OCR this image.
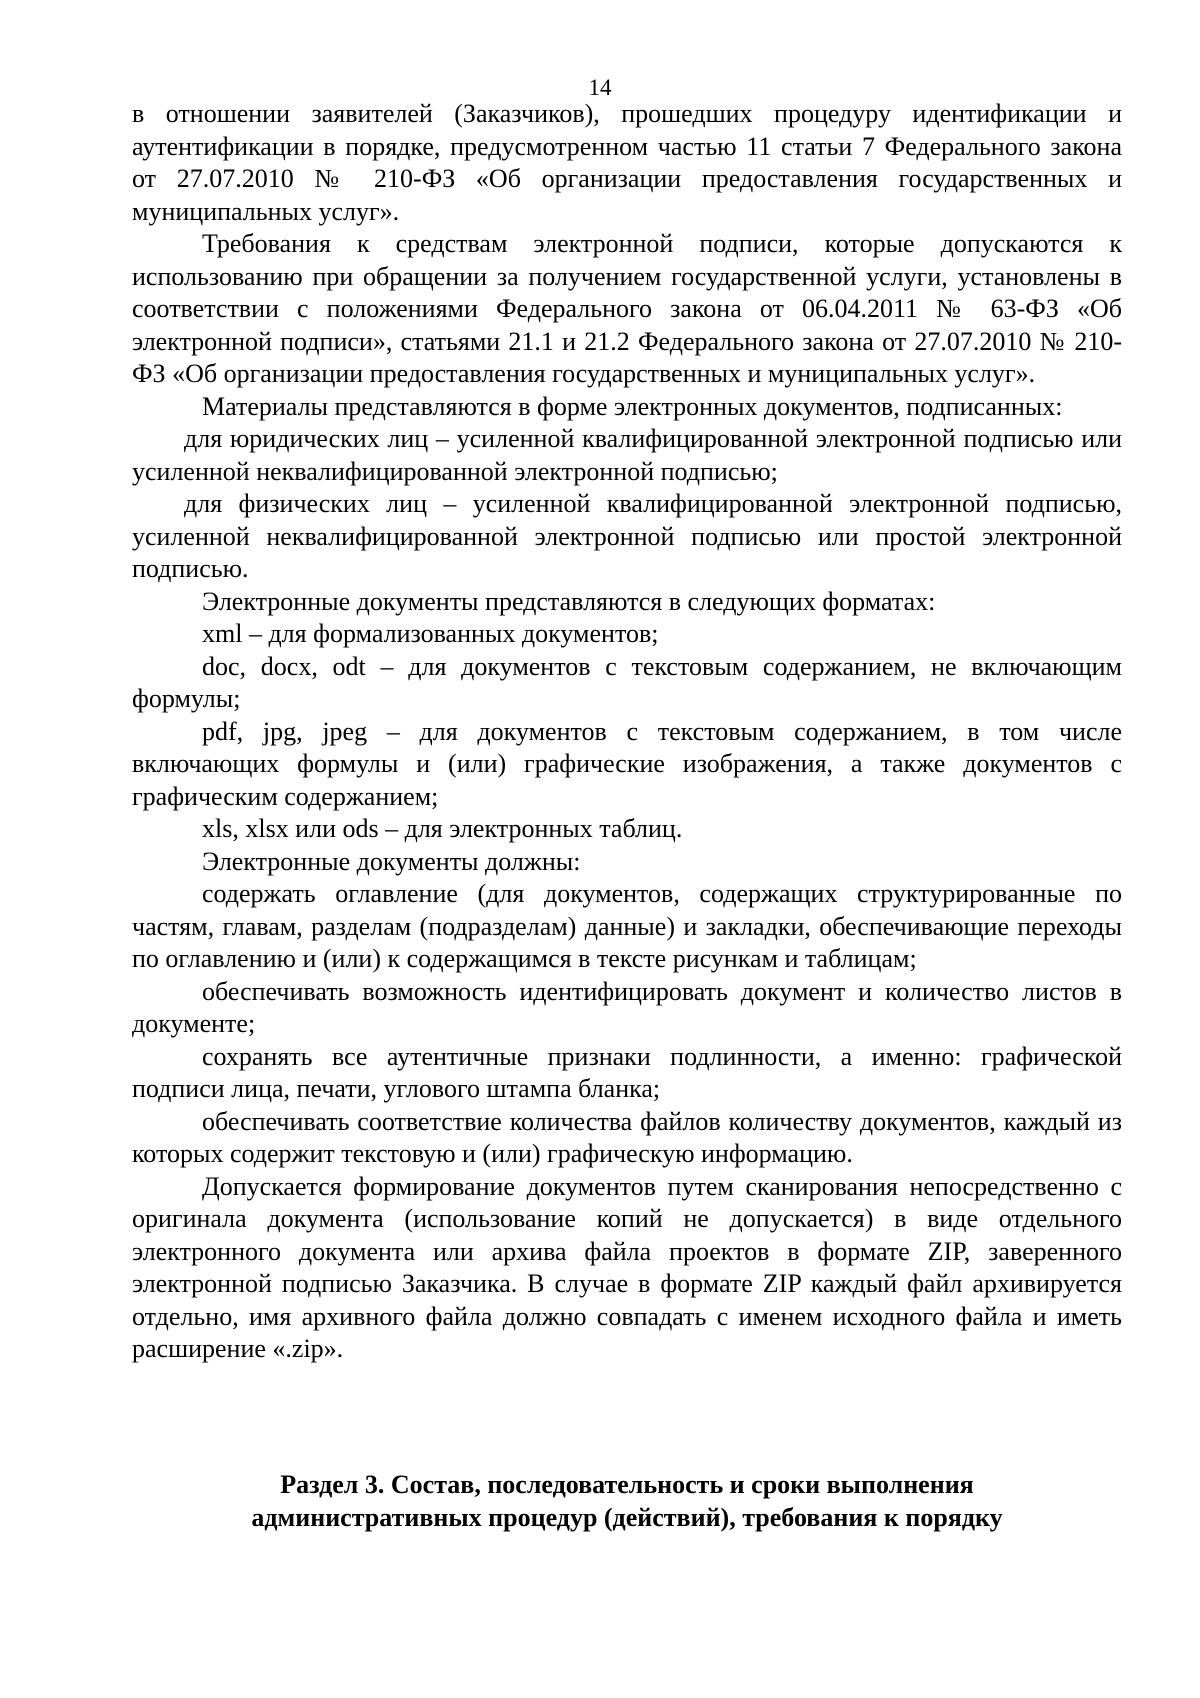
14

в отношении заявителей (Заказчиков), прошедших процедуру идентификации и аутентификации в порядке, предусмотренном частью 11 статьи 7 Федерального закона от 27.07.2010 № 210-ФЗ «Об организации предоставления государственных и муниципальных услуг».

Требования к средствам электронной подписи, которые допускаются к использованию при обращении за получением государственной услуги, установлены в соответствии с положениями Федерального закона от 06.04.2011 № 63-ФЗ «Об электронной подписи», статьями 21.1 и 21.2 Федерального закона от 27.07.2010 № 210-ФЗ «Об организации предоставления государственных и муниципальных услуг».

Материалы представляются в форме электронных документов, подписанных:

для юридических лиц – усиленной квалифицированной электронной подписью или усиленной неквалифицированной электронной подписью;

для физических лиц – усиленной квалифицированной электронной подписью, усиленной неквалифицированной электронной подписью или простой электронной подписью.

Электронные документы представляются в следующих форматах:

xml – для формализованных документов;

doc, docx, odt – для документов с текстовым содержанием, не включающим формулы;

pdf, jpg, jpeg – для документов с текстовым содержанием, в том числе включающих формулы и (или) графические изображения, а также документов с графическим содержанием;

xls, xlsx или ods – для электронных таблиц.

Электронные документы должны:

содержать оглавление (для документов, содержащих структурированные по частям, главам, разделам (подразделам) данные) и закладки, обеспечивающие переходы по оглавлению и (или) к содержащимся в тексте рисункам и таблицам;

обеспечивать возможность идентифицировать документ и количество листов в документе;

сохранять все аутентичные признаки подлинности, а именно: графической подписи лица, печати, углового штампа бланка;

обеспечивать соответствие количества файлов количеству документов, каждый из которых содержит текстовую и (или) графическую информацию.

Допускается формирование документов путем сканирования непосредственно с оригинала документа (использование копий не допускается) в виде отдельного электронного документа или архива файла проектов в формате ZIP, заверенного электронной подписью Заказчика. В случае в формате ZIP каждый файл архивируется отдельно, имя архивного файла должно совпадать с именем исходного файла и иметь расширение «.zip».

Раздел 3. Состав, последовательность и сроки выполнения
административных процедур (действий), требования к порядку
